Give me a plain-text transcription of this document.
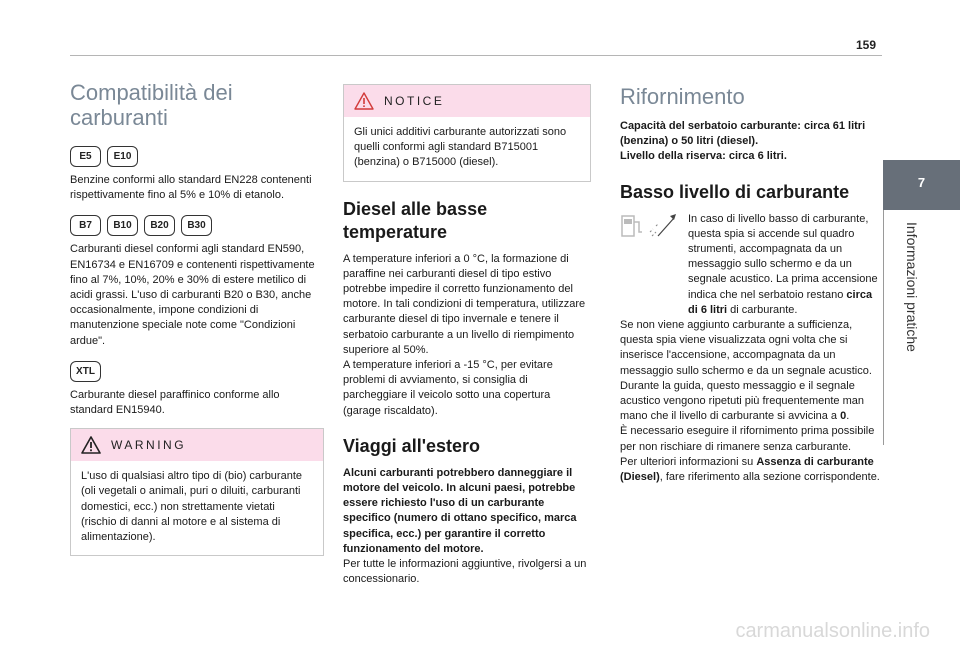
159
7
Informazioni pratiche
Compatibilità dei carburanti
E5	E10
Benzine conformi allo standard EN228 contenenti rispettivamente fino al 5% e 10% di etanolo.
B7	B10	B20	B30
Carburanti diesel conformi agli standard EN590, EN16734 e EN16709 e contenenti rispettivamente fino al 7%, 10%, 20% e 30% di estere metilico di acidi grassi. L'uso di carburanti B20 o B30, anche occasionalmente, impone condizioni di manutenzione speciale note come "Condizioni ardue".
XTL
Carburante diesel paraffinico conforme allo standard EN15940.
WARNING
L'uso di qualsiasi altro tipo di (bio) carburante (oli vegetali o animali, puri o diluiti, carburanti domestici, ecc.) non strettamente vietati (rischio di danni al motore e al sistema di alimentazione).
NOTICE
Gli unici additivi carburante autorizzati sono quelli conformi agli standard B715001 (benzina) o B715000 (diesel).
Diesel alle basse temperature
A temperature inferiori a 0 °C, la formazione di paraffine nei carburanti diesel di tipo estivo potrebbe impedire il corretto funzionamento del motore. In tali condizioni di temperatura, utilizzare carburante diesel di tipo invernale e tenere il serbatoio carburante a un livello di riempimento superiore al 50%.
A temperature inferiori a -15 °C, per evitare problemi di avviamento, si consiglia di parcheggiare il veicolo sotto una copertura (garage riscaldato).
Viaggi all'estero
Alcuni carburanti potrebbero danneggiare il motore del veicolo. In alcuni paesi, potrebbe essere richiesto l'uso di un carburante specifico (numero di ottano specifico, marca specifica, ecc.) per garantire il corretto funzionamento del motore.
Per tutte le informazioni aggiuntive, rivolgersi a un concessionario.
Rifornimento
Capacità del serbatoio carburante: circa 61 litri (benzina) o 50 litri (diesel).
Livello della riserva: circa 6 litri.
Basso livello di carburante
In caso di livello basso di carburante, questa spia si accende sul quadro strumenti, accompagnata da un messaggio sullo schermo e da un segnale acustico. La prima accensione indica che nel serbatoio restano circa di 6 litri di carburante.
Se non viene aggiunto carburante a sufficienza, questa spia viene visualizzata ogni volta che si inserisce l'accensione, accompagnata da un messaggio sullo schermo e da un segnale acustico. Durante la guida, questo messaggio e il segnale acustico vengono ripetuti più frequentemente man mano che il livello di carburante si avvicina a 0.
È necessario eseguire il rifornimento prima possibile per non rischiare di rimanere senza carburante.
Per ulteriori informazioni su Assenza di carburante (Diesel), fare riferimento alla sezione corrispondente.
carmanualsonline.info
